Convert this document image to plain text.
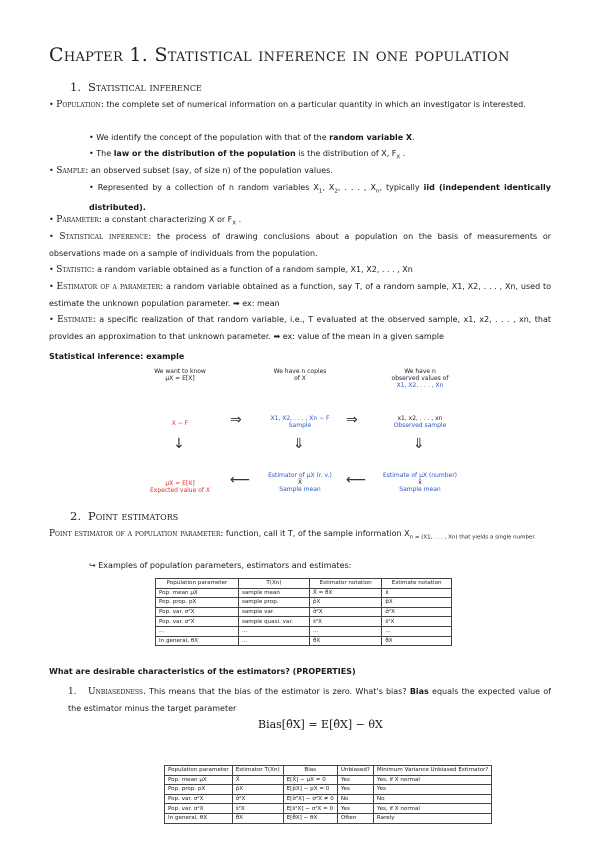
Chapter 1. Statistical inference in one population
1. Statistical inference
• Population: the complete set of numerical information on a particular quantity in which an investigator is interested.
• We identify the concept of the population with that of the random variable X.
• The law or the distribution of the population is the distribution of X, $F_X$ .
• Sample: an observed subset (say, of size n) of the population values.
• Represented by a collection of n random variables $X_1$, $X_2$, . . . , $X_n$, typically iid (independent identically distributed).
• Parameter: a constant characterizing X or $F_X$ .
• Statistical inference: the process of drawing conclusions about a population on the basis of measurements or observations made on a sample of individuals from the population.
• Statistic: a random variable obtained as a function of a random sample, X1, X2, . . . , Xn
• Estimator of a parameter: a random variable obtained as a function, say T, of a random sample, X1, X2, . . . , Xn, used to estimate the unknown population parameter. ➡ ex: mean
• Estimate: a specific realization of that random variable, i.e., T evaluated at the observed sample, x1, x2, . . . , xn, that provides an approximation to that unknown parameter. ➡ ex: value of the mean in a given sample
Statistical inference: example
We want to know
μX = E[X]
We have n copies
of X
We have n
observed values of
X1, X2, . . . , Xn
X ∼ F	⇒	X1, X2, . . . , Xn ∼ F
Sample	⇒	x1, x2, . . . , xn
Observed sample
↓	⇓	⇓
μX = E[X]
Expected value of X
⟵	Estimator of μX (r. v.)
X̄
Sample mean
⟵	Estimate of μX (number)
x̄
Sample mean
2. Point estimators
Point estimator of a population parameter: function, call it T, of the sample information $X_{n = (X1, . . . , Xn) that yields a single number.}$
↪ Examples of population parameters, estimators and estimates:
Population parameter	T(Xn)	Estimator notation	Estimate notation
Pop. mean μX	sample mean	X̄ = θ̂X	x̄
Pop. prop. pX	sample prop.	p̂X	p̂X
Pop. var. σ²X	sample var.	σ̂²X	σ̂²X
Pop. var. σ²X	sample quasi. var.	ŝ²X	ŝ²X
...	...	...	...
In general, θX	...	θ̂X	θ̂X
What are desirable characteristics of the estimators? (PROPERTIES)
1. Unbiasedness. This means that the bias of the estimator is zero. What's bias? Bias equals the expected value of the estimator minus the target parameter
Bias[θ̂X] = E[θ̂X] − θX
Population parameter	Estimator T(Xn)	Bias	Unbiased?	Minimum Variance Unbiased Estimator?
Pop. mean μX	X̄	E[X̄] − μX = 0	Yes	Yes, if X normal
Pop. prop. pX	p̂X	E[p̂X] − pX = 0	Yes	Yes
Pop. var. σ²X	σ̂²X	E[σ̂²X] − σ²X ≠ 0	No	No
Pop. var. σ²X	ŝ²X	E[ŝ²X] − σ²X = 0	Yes	Yes, if X normal
In general, θX	θ̂X	E[θ̂X] − θX	Often	Rarely
